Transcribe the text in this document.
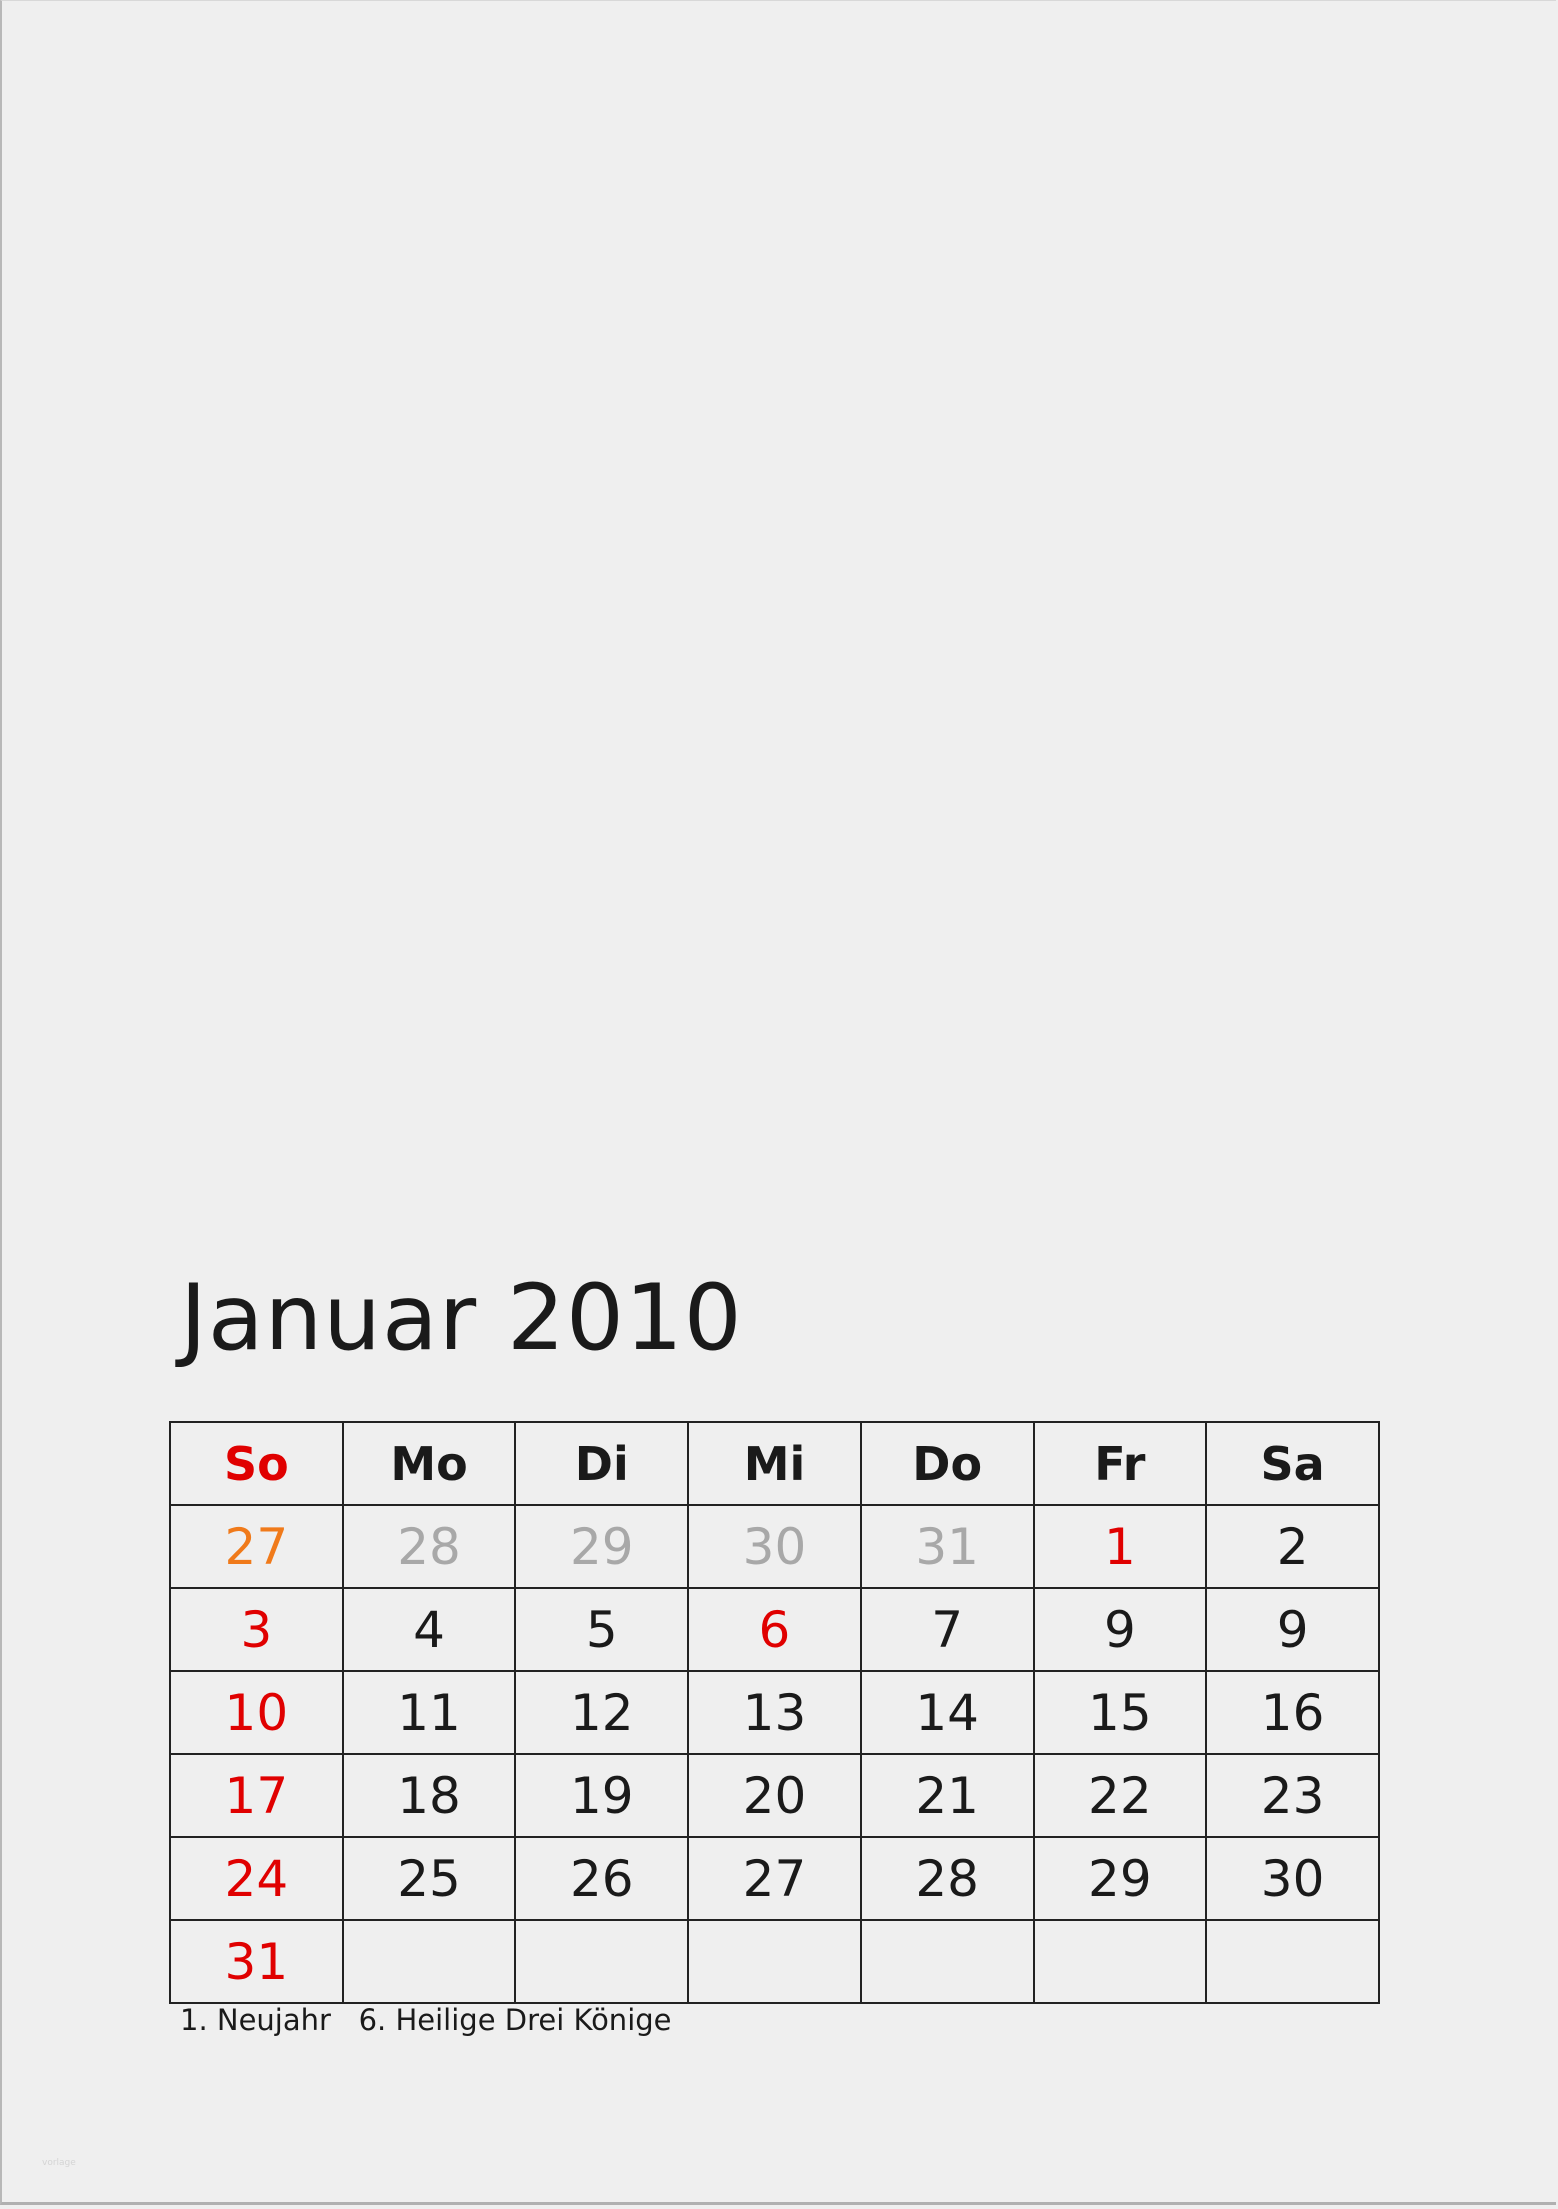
Januar 2010
So	Mo	Di	Mi	Do	Fr	Sa
27	28	29	30	31	1	2
3	4	5	6	7	9	9
10	11	12	13	14	15	16
17	18	19	20	21	22	23
24	25	26	27	28	29	30
31						
1. Neujahr   6. Heilige Drei Könige
vorlage
